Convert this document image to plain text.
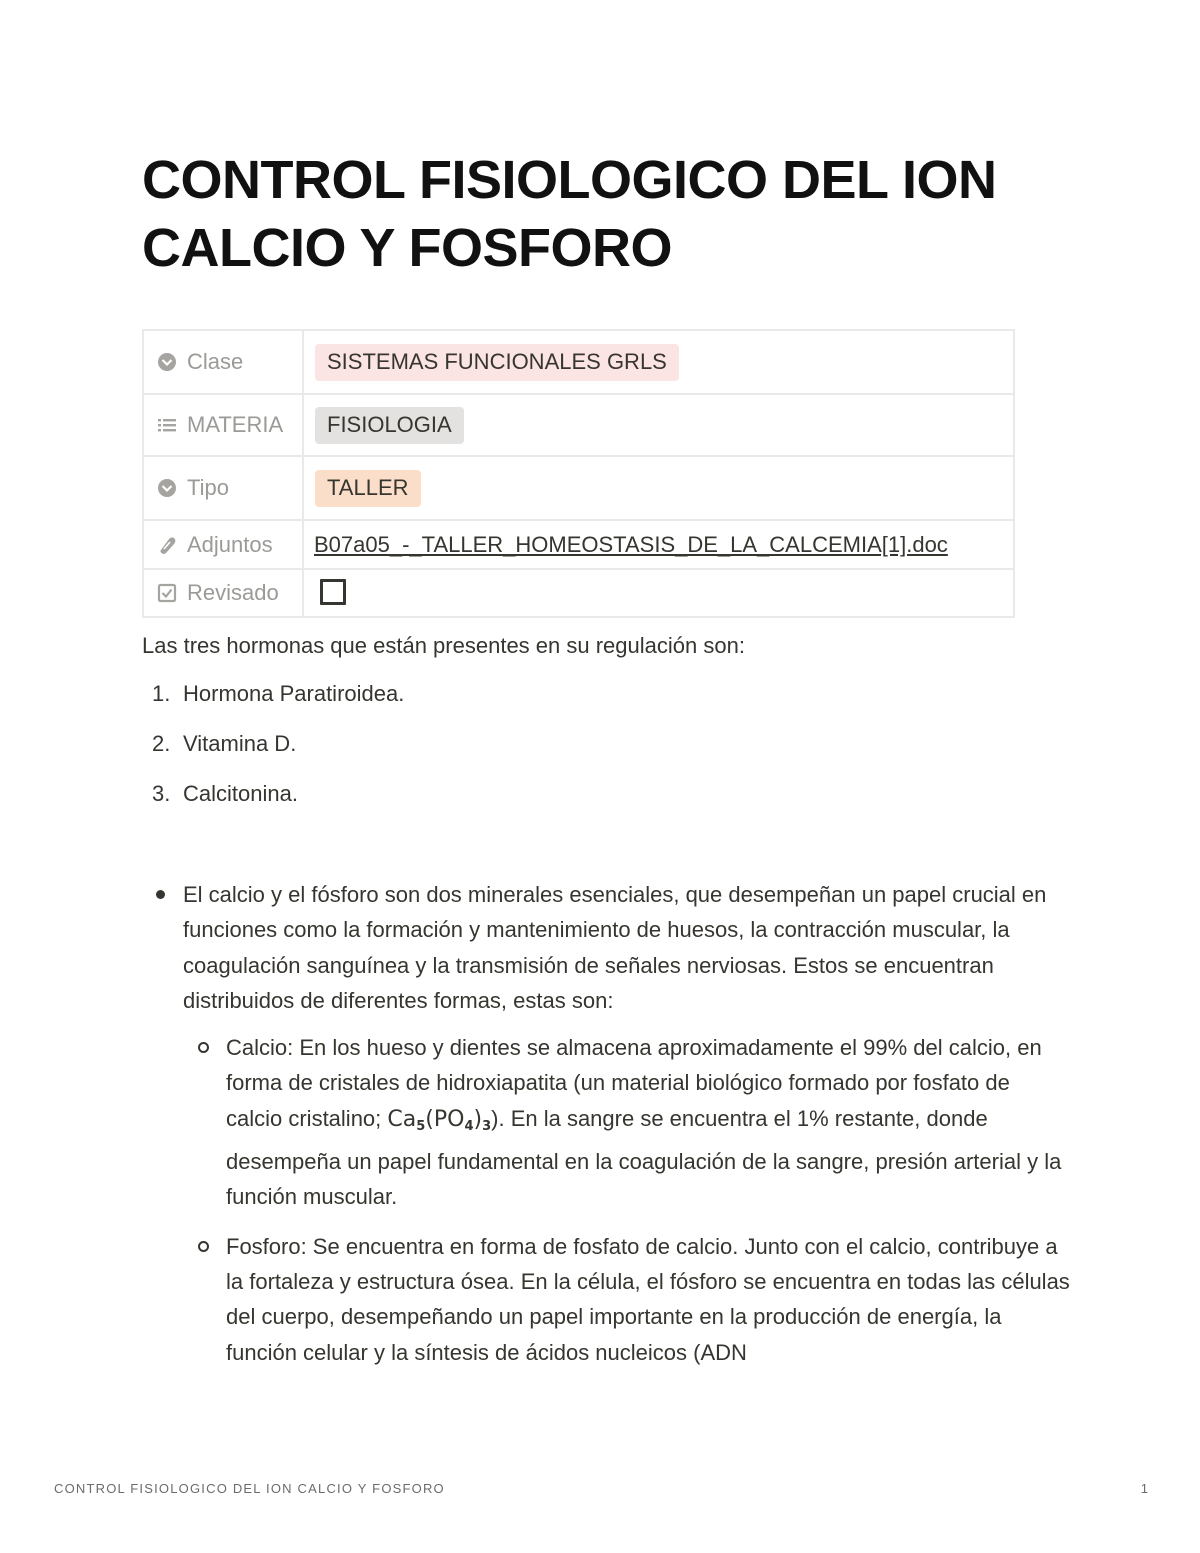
CONTROL FISIOLOGICO DEL ION CALCIO Y FOSFORO
Clase	SISTEMAS FUNCIONALES GRLS

MATERIA	FISIOLOGIA

Tipo	TALLER

Adjuntos	B07a05_-_TALLER_HOMEOSTASIS_DE_LA_CALCEMIA[1].doc

Revisado	

Las tres hormonas que están presentes en su regulación son:

1. Hormona Paratiroidea.
2. Vitamina D.
3. Calcitonina.
El calcio y el fósforo son dos minerales esenciales, que desempeñan un papel crucial en funciones como la formación y mantenimiento de huesos, la contracción muscular, la coagulación sanguínea y la transmisión de señales nerviosas. Estos se encuentran distribuidos de diferentes formas, estas son:
Calcio: En los hueso y dientes se almacena aproximadamente el 99% del calcio, en forma de cristales de hidroxiapatita (un material biológico formado por fosfato de calcio cristalino; $Ca_5(PO_4)_3$). En la sangre se encuentra el 1% restante, donde desempeña un papel fundamental en la coagulación de la sangre, presión arterial y la función muscular.
Fosforo: Se encuentra en forma de fosfato de calcio. Junto con el calcio, contribuye a la fortaleza y estructura ósea. En la célula, el fósforo se encuentra en todas las células del cuerpo, desempeñando un papel importante en la producción de energía, la función celular y la síntesis de ácidos nucleicos (ADN
CONTROL FISIOLOGICO DEL ION CALCIO Y FOSFORO	1
